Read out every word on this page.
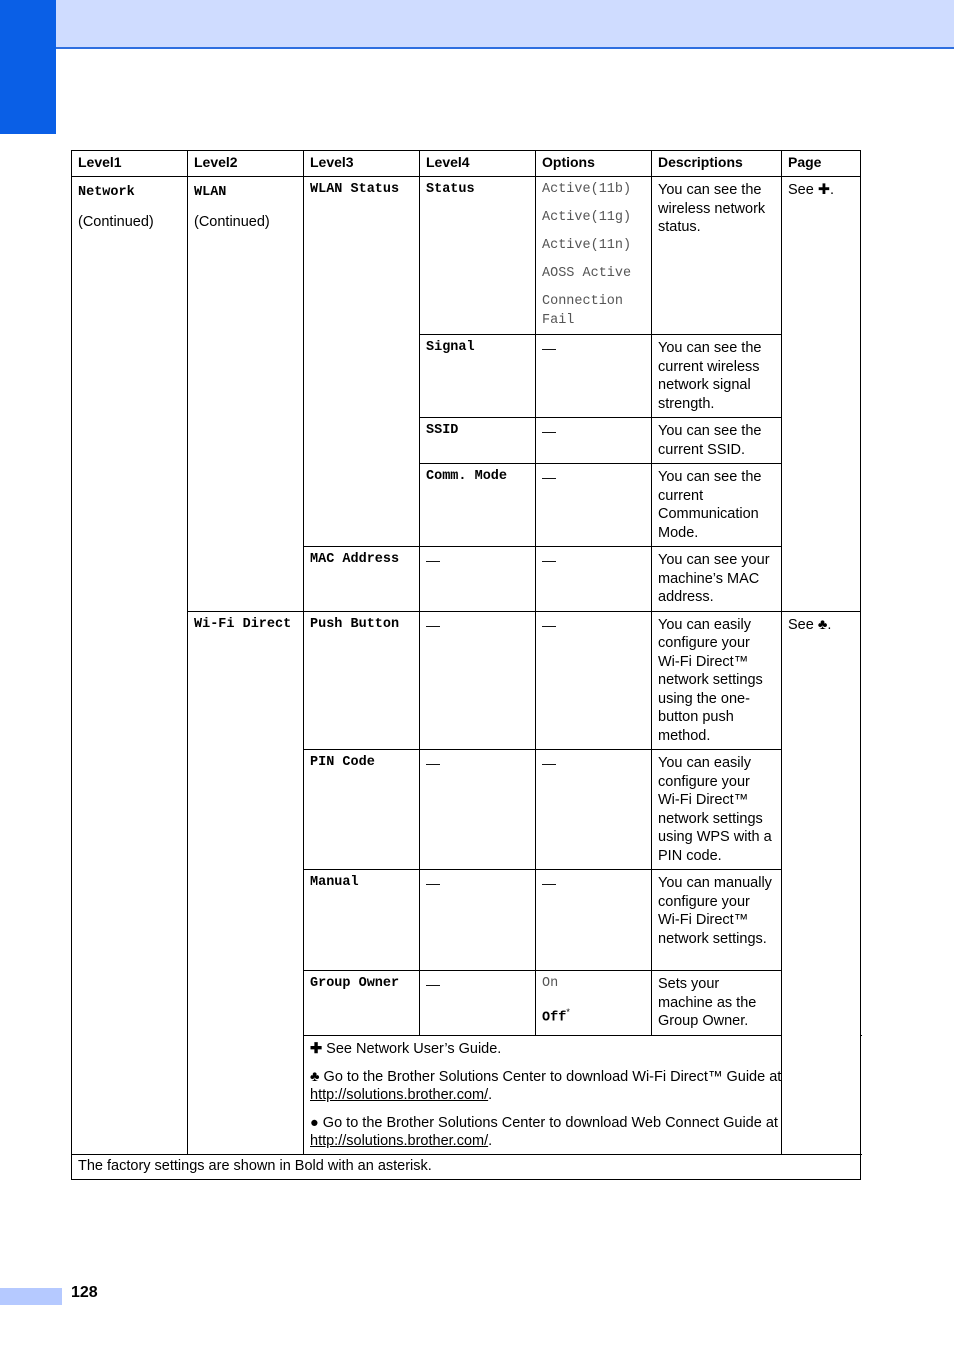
Level1	Level2	Level3	Level4	Options	Descriptions	Page
Network
(Continued)	WLAN
(Continued)	WLAN Status	Status	Active(11b)
Active(11g)
Active(11n)
AOSS Active
Connection Fail	You can see the wireless network status.	See ✚.
			Signal	—	You can see the current wireless network signal strength.	
			SSID	—	You can see the current SSID.	
			Comm. Mode	—	You can see the current Communication Mode.	
		MAC Address	—	—	You can see your machine’s MAC address.	
	Wi-Fi Direct	Push Button	—	—	You can easily configure your Wi-Fi Direct™ network settings using the one-button push method.	See ♣.
		PIN Code	—	—	You can easily configure your Wi-Fi Direct™ network settings using WPS with a PIN code.	
		Manual	—	—	You can manually configure your Wi-Fi Direct™ network settings.	
		Group Owner	—	On
Off*	Sets your machine as the Group Owner.	

		✚ See Network User’s Guide.
♣ Go to the Brother Solutions Center to download Wi-Fi Direct™ Guide at http://solutions.brother.com/.
● Go to the Brother Solutions Center to download Web Connect Guide at http://solutions.brother.com/.				

The factory settings are shown in Bold with an asterisk.						
128
